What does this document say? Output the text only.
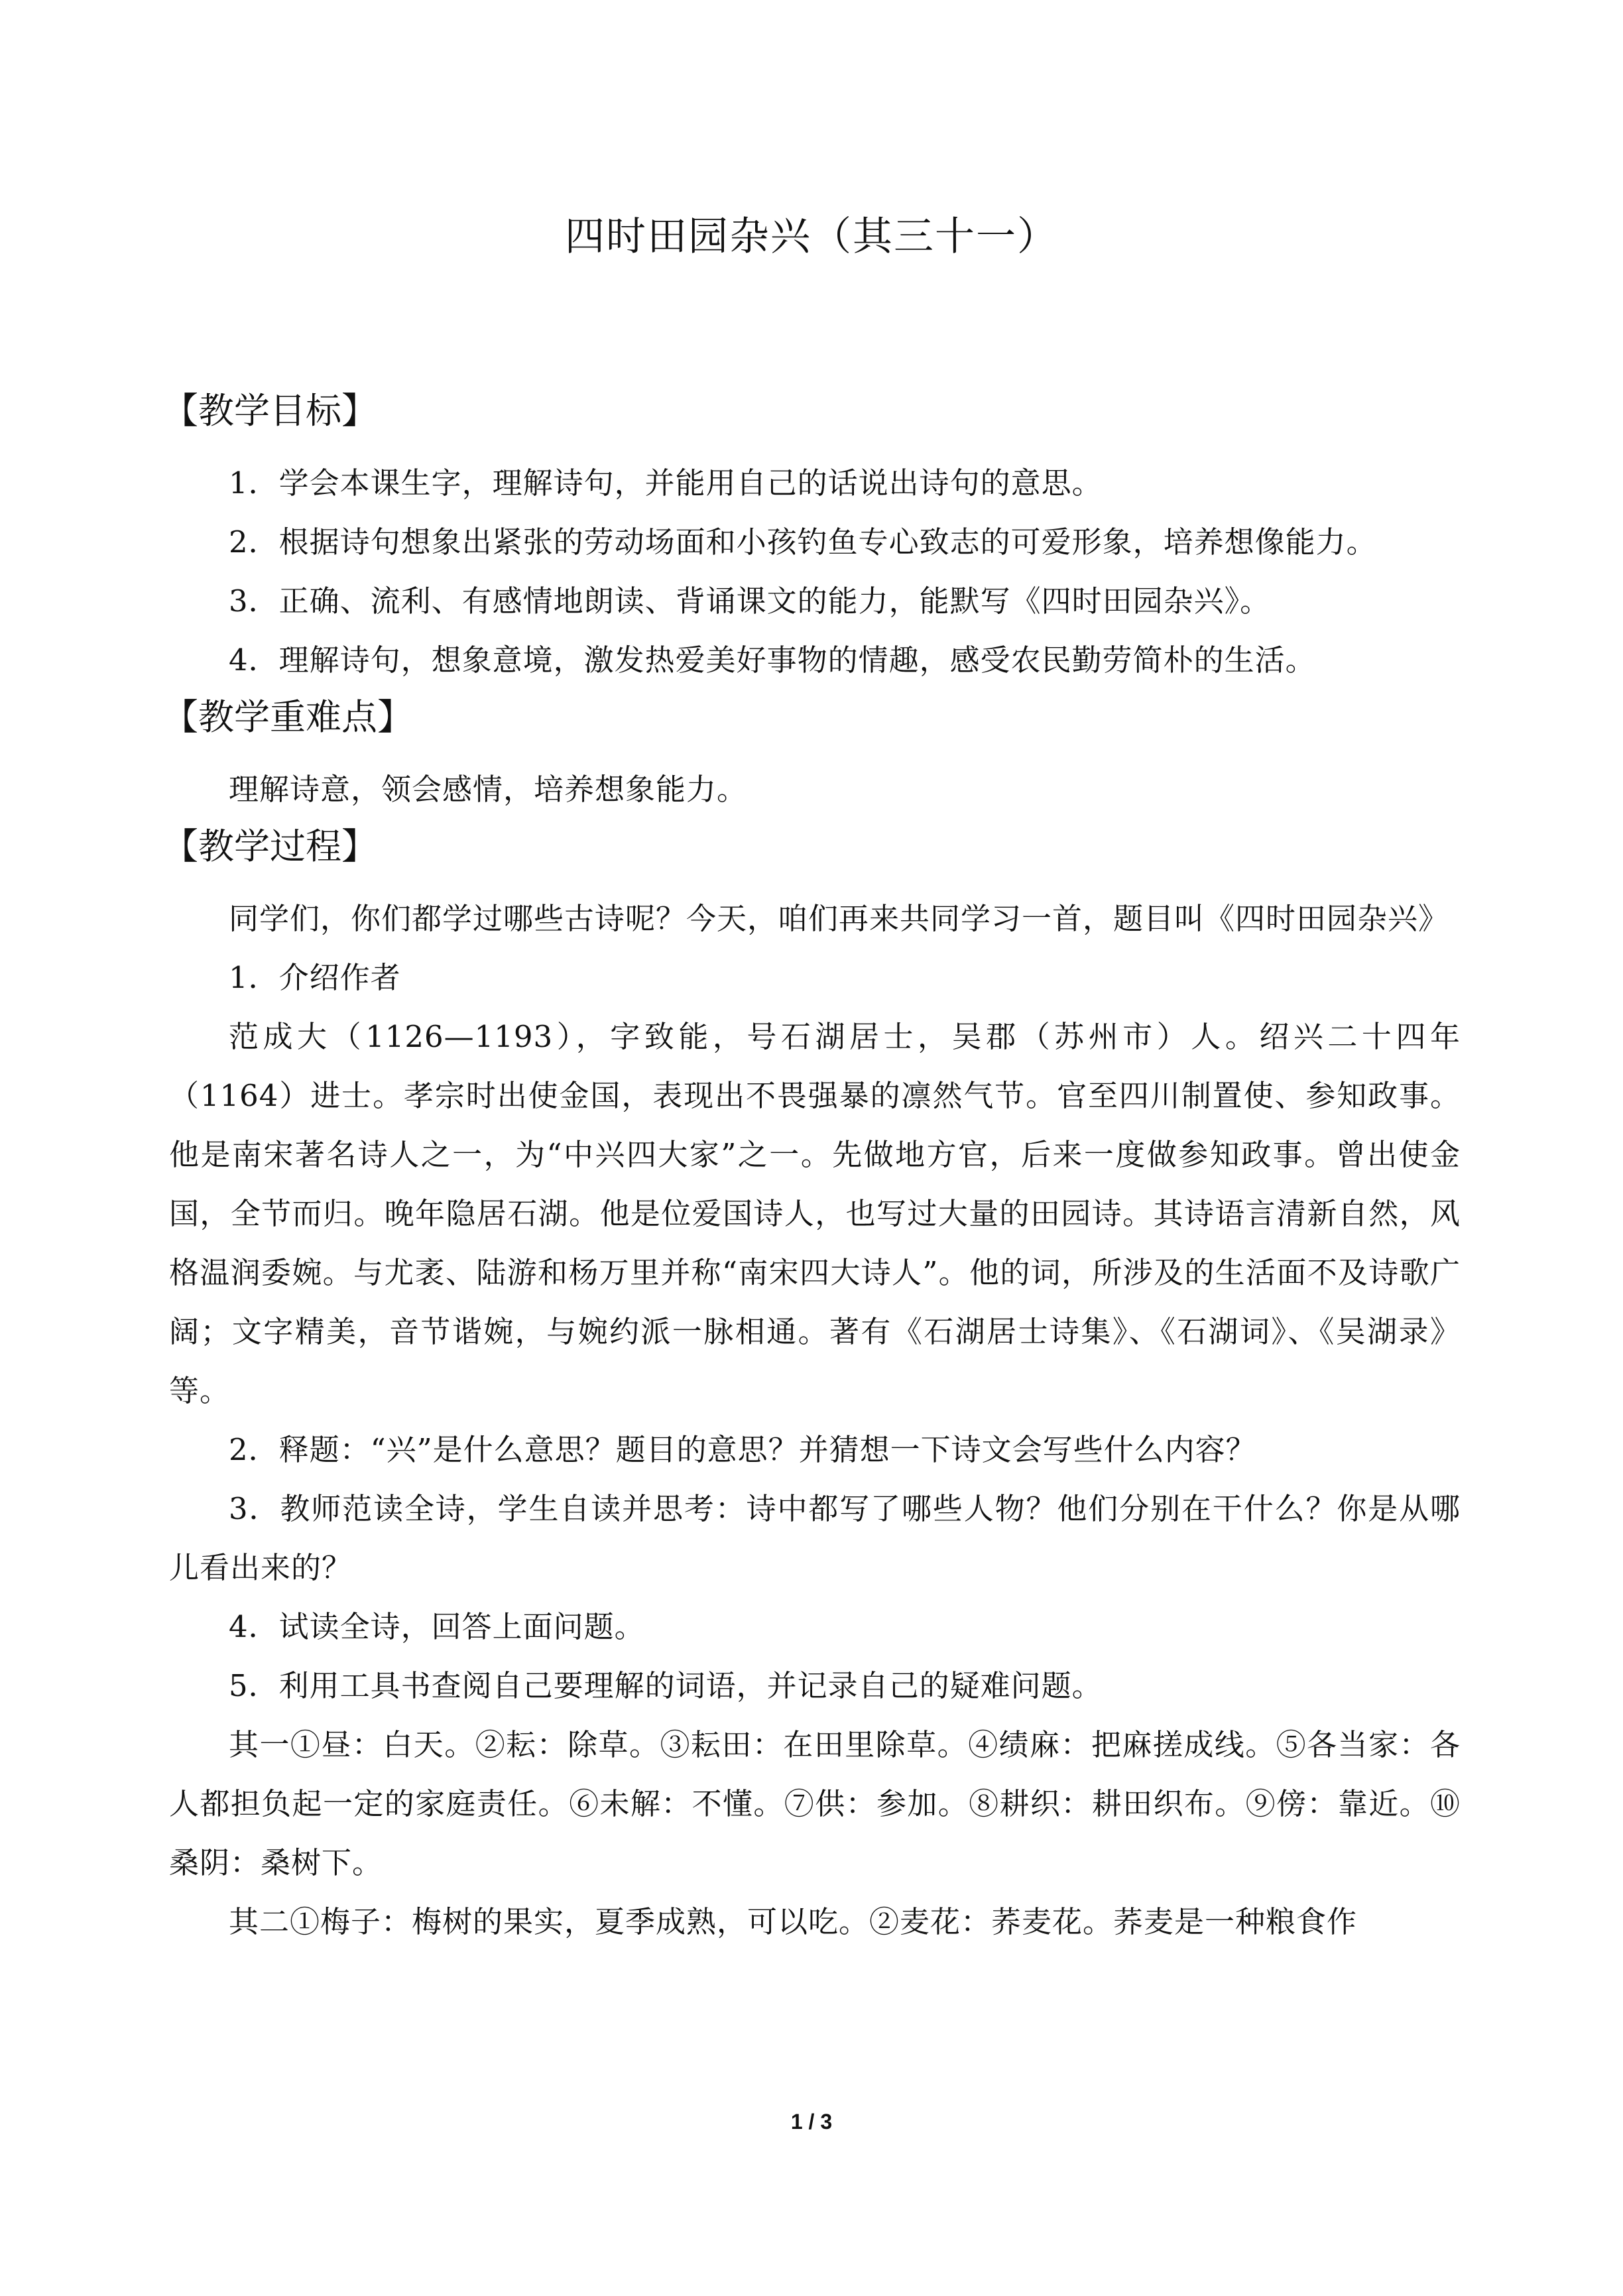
四时田园杂兴（其三十一）
【教学目标】

1．学会本课生字，理解诗句，并能用自己的话说出诗句的意思。

2．根据诗句想象出紧张的劳动场面和小孩钓鱼专心致志的可爱形象，培养想像能力。

3．正确、流利、有感情地朗读、背诵课文的能力，能默写《四时田园杂兴》。

4．理解诗句，想象意境，激发热爱美好事物的情趣，感受农民勤劳简朴的生活。

【教学重难点】

理解诗意，领会感情，培养想象能力。

【教学过程】

同学们，你们都学过哪些古诗呢？今天，咱们再来共同学习一首，题目叫《四时田园杂兴》

1．介绍作者

范成大（1126—1193），字致能，号石湖居士，吴郡（苏州市）人。绍兴二十四年（1164）进士。孝宗时出使金国，表现出不畏强暴的凛然气节。官至四川制置使、参知政事。他是南宋著名诗人之一，为“中兴四大家”之一。先做地方官，后来一度做参知政事。曾出使金国，全节而归。晚年隐居石湖。他是位爱国诗人，也写过大量的田园诗。其诗语言清新自然，风格温润委婉。与尤袤、陆游和杨万里并称“南宋四大诗人”。他的词，所涉及的生活面不及诗歌广阔；文字精美，音节谐婉，与婉约派一脉相通。著有《石湖居士诗集》、《石湖词》、《吴湖录》等。

2．释题：“兴”是什么意思？题目的意思？并猜想一下诗文会写些什么内容？

3．教师范读全诗，学生自读并思考：诗中都写了哪些人物？他们分别在干什么？你是从哪儿看出来的？

4．试读全诗，回答上面问题。

5．利用工具书查阅自己要理解的词语，并记录自己的疑难问题。

其一①昼：白天。②耘：除草。③耘田：在田里除草。④绩麻：把麻搓成线。⑤各当家：各人都担负起一定的家庭责任。⑥未解：不懂。⑦供：参加。⑧耕织：耕田织布。⑨傍：靠近。⑩桑阴：桑树下。

其二①梅子：梅树的果实，夏季成熟，可以吃。②麦花：荞麦花。荞麦是一种粮食作

1 / 3
